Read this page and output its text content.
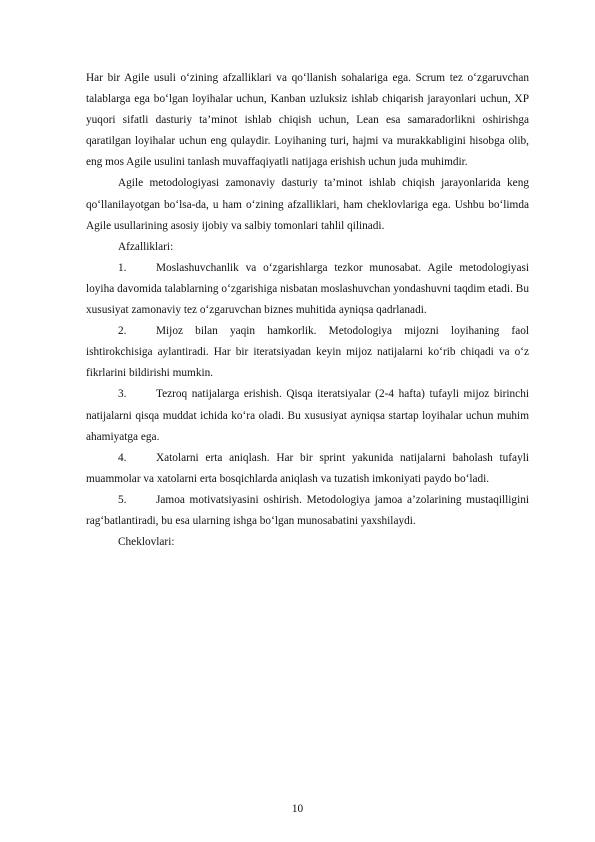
Har bir Agile usuli o‘zining afzalliklari va qo‘llanish sohalariga ega. Scrum tez o‘zgaruvchan talablarga ega bo‘lgan loyihalar uchun, Kanban uzluksiz ishlab chiqarish jarayonlari uchun, XP yuqori sifatli dasturiy ta’minot ishlab chiqish uchun, Lean esa samaradorlikni oshirishga qaratilgan loyihalar uchun eng qulaydir. Loyihaning turi, hajmi va murakkabligini hisobga olib, eng mos Agile usulini tanlash muvaffaqiyatli natijaga erishish uchun juda muhimdir.

Agile metodologiyasi zamonaviy dasturiy ta’minot ishlab chiqish jarayonlarida keng qo‘llanilayotgan bo‘lsa-da, u ham o‘zining afzalliklari, ham cheklovlariga ega. Ushbu bo‘limda Agile usullarining asosiy ijobiy va salbiy tomonlari tahlil qilinadi.

Afzalliklari:

1.	Moslashuvchanlik va o‘zgarishlarga tezkor munosabat. Agile metodologiyasi loyiha davomida talablarning o‘zgarishiga nisbatan moslashuvchan yondashuvni taqdim etadi. Bu xususiyat zamonaviy tez o‘zgaruvchan biznes muhitida ayniqsa qadrlanadi.
2.	Mijoz bilan yaqin hamkorlik. Metodologiya mijozni loyihaning faol ishtirokchisiga aylantiradi. Har bir iteratsiyadan keyin mijoz natijalarni ko‘rib chiqadi va o‘z fikrlarini bildirishi mumkin.
3.	Tezroq natijalarga erishish. Qisqa iteratsiyalar (2-4 hafta) tufayli mijoz birinchi natijalarni qisqa muddat ichida ko‘ra oladi. Bu xususiyat ayniqsa startap loyihalar uchun muhim ahamiyatga ega.
4.	Xatolarni erta aniqlash. Har bir sprint yakunida natijalarni baholash tufayli muammolar va xatolarni erta bosqichlarda aniqlash va tuzatish imkoniyati paydo bo‘ladi.
5.	Jamoa motivatsiyasini oshirish. Metodologiya jamoa a’zolarining mustaqilligini rag‘batlantiradi, bu esa ularning ishga bo‘lgan munosabatini yaxshilaydi.

Cheklovlari:

10
